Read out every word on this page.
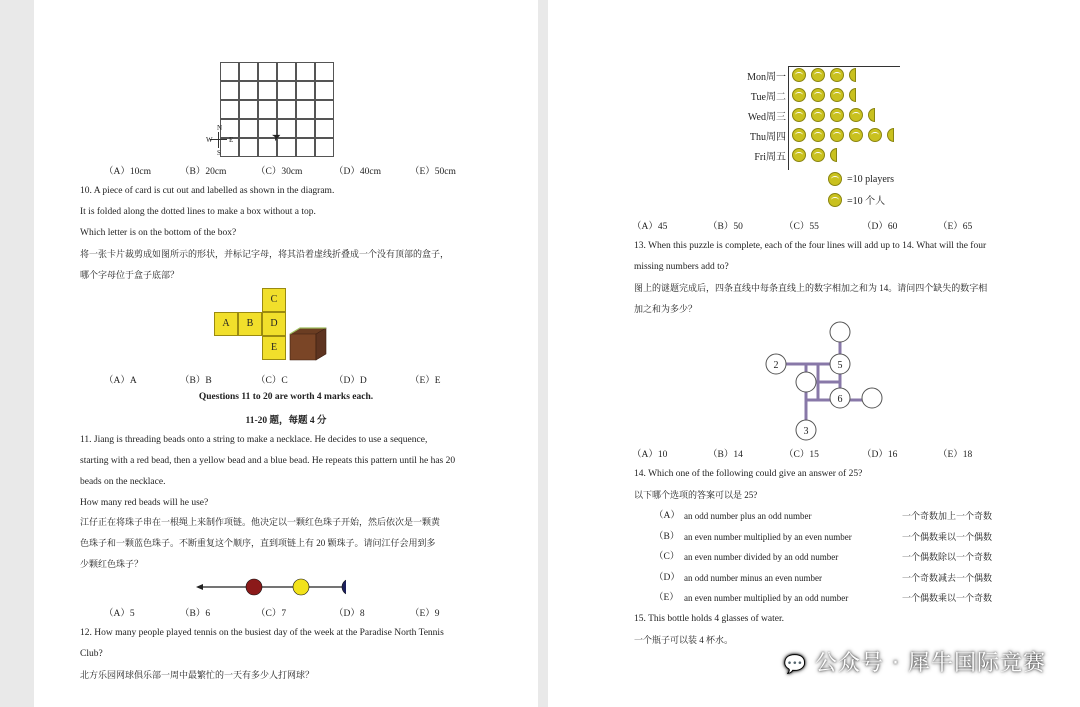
➤
N
W E
S
（A）10cm	（B）20cm	（C）30cm	（D）40cm	（E）50cm
10. A piece of card is cut out and labelled as shown in the diagram.
It is folded along the dotted lines to make a box without a top.
Which letter is on the bottom of the box?
将一张卡片裁剪成如图所示的形状，并标记字母，将其沿着虚线折叠成一个没有顶部的盒子，
哪个字母位于盒子底部？
A	B
C
D
E
（A）A	（B）B	（C）C	（D）D	（E）E
Questions 11 to 20 are worth 4 marks each.
11-20 题，每题 4 分
11. Jiang is threading beads onto a string to make a necklace. He decides to use a sequence,
starting with a red bead, then a yellow bead and a blue bead. He repeats this pattern until he has 20
beads on the necklace.
How many red beads will he use?
江仔正在将珠子串在一根绳上来制作项链。他决定以一颗红色珠子开始，然后依次是一颗黄
色珠子和一颗蓝色珠子。不断重复这个顺序，直到项链上有 20 颗珠子。请问江仔会用到多
少颗红色珠子？
（A）5	（B）6	（C）7	（D）8	（E）9
12. How many people played tennis on the busiest day of the week at the Paradise North Tennis
Club?
北方乐园网球俱乐部一周中最繁忙的一天有多少人打网球？
Mon周一
Tue周二
Wed周三
Thu周四
Fri周五
=10 players
=10 个人
（A）45	（B）50	（C）55	（D）60	（E）65
13. When this puzzle is complete, each of the four lines will add up to 14. What will the four
missing numbers add to?
图上的谜题完成后，四条直线中每条直线上的数字相加之和为 14。请问四个缺失的数字相
加之和为多少？
2	5
6
3
（A）10	（B）14	（C）15	（D）16	（E）18
14. Which one of the following could give an answer of 25?
以下哪个选项的答案可以是 25?
（A） an odd number plus an odd number	一个奇数加上一个奇数
（B） an even number multiplied by an even number	一个偶数乘以一个偶数
（C） an even number divided by an odd number	一个偶数除以一个奇数
（D） an odd number minus an even number	一个奇数减去一个偶数
（E） an even number multiplied by an odd number	一个偶数乘以一个奇数
15. This bottle holds 4 glasses of water.
一个瓶子可以装 4 杯水。
💬 公众号 · 犀牛国际竞赛
